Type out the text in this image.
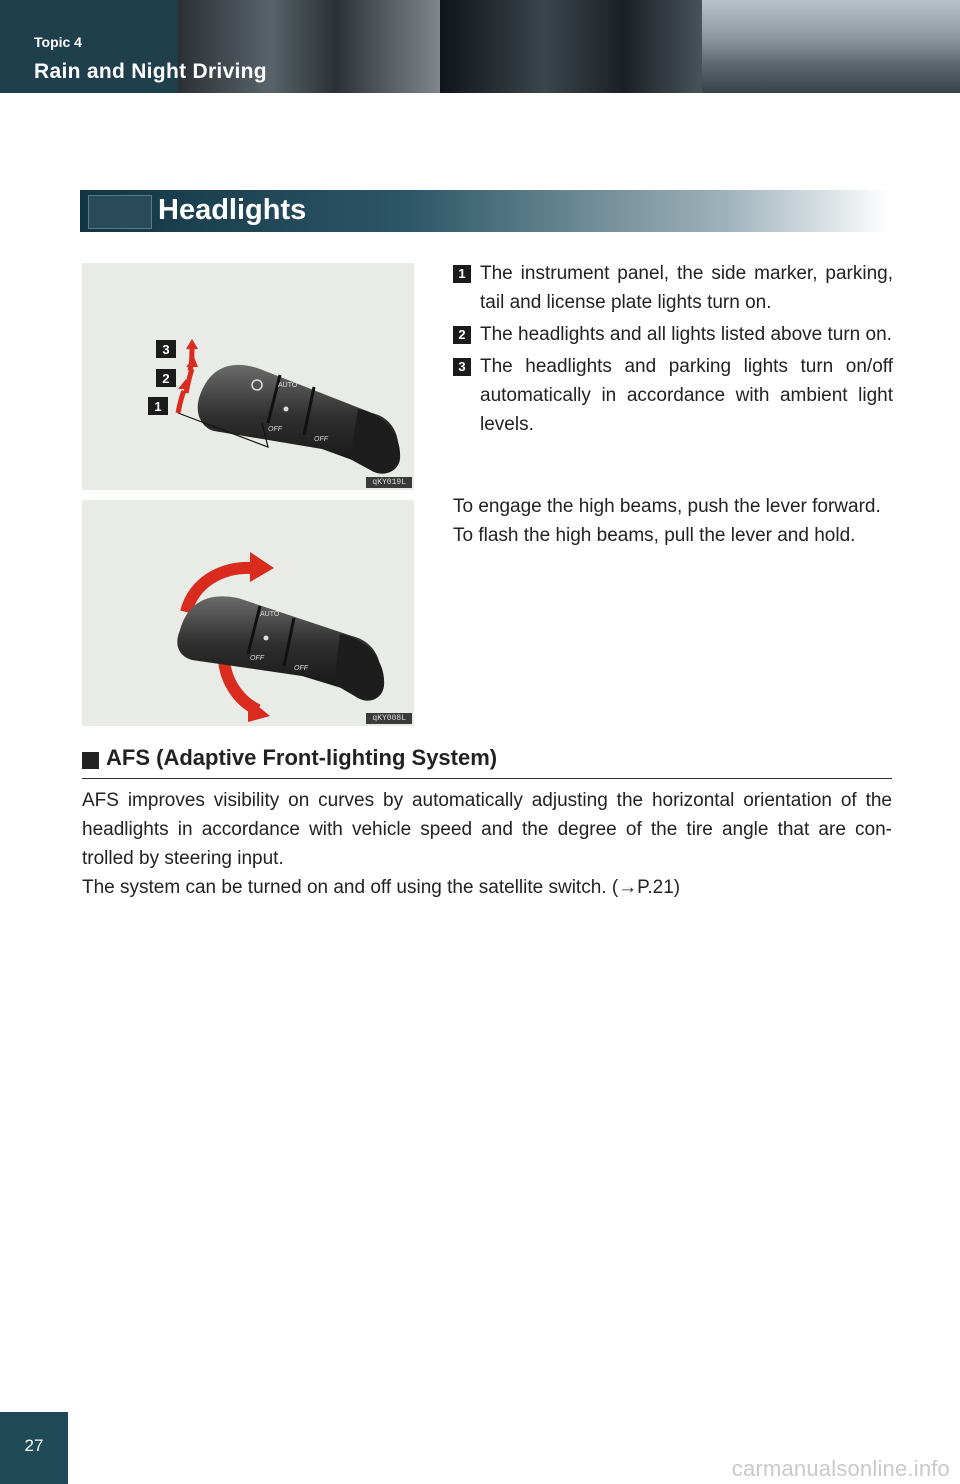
Topic 4
Rain and Night Driving
Headlights
AUTO
OFF
OFF
1
2
3
qKY019L
AUTO
OFF
OFF
qKY008L
1 The instrument panel, the side marker, parking, tail and license plate lights turn on.
2 The headlights and all lights listed above turn on.
3 The headlights and parking lights turn on/off automatically in accordance with ambient light levels.
To engage the high beams, push the lever forward.
To flash the high beams, pull the lever and hold.
AFS (Adaptive Front-lighting System)

AFS improves visibility on curves by automatically adjusting the horizontal orientation of the

headlights in accordance with vehicle speed and the degree of the tire angle that are con-

trolled by steering input.

The system can be turned on and off using the satellite switch. (→P.21)

27
carmanualsonline.info
